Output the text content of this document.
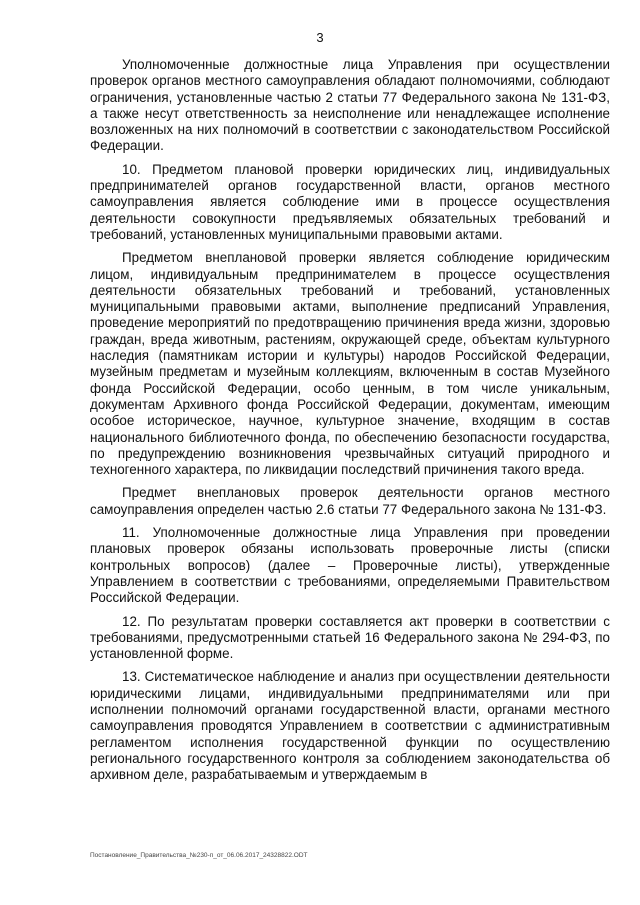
3

Уполномоченные должностные лица Управления при осуществлении проверок органов местного самоуправления обладают полномочиями, соблюдают ограничения, установленные частью 2 статьи 77 Федерального закона № 131-ФЗ, а также несут ответственность за неисполнение или ненадлежащее исполнение возложенных на них полномочий в соответствии с законодательством Российской Федерации.

10. Предметом плановой проверки юридических лиц, индивидуальных предпринимателей органов государственной власти, органов местного самоуправления является соблюдение ими в процессе осуществления деятельности совокупности предъявляемых обязательных требований и требований, установленных муниципальными правовыми актами.

Предметом внеплановой проверки является соблюдение юридическим лицом, индивидуальным предпринимателем в процессе осуществления деятельности обязательных требований и требований, установленных муниципальными правовыми актами, выполнение предписаний Управления, проведение мероприятий по предотвращению причинения вреда жизни, здоровью граждан, вреда животным, растениям, окружающей среде, объектам культурного наследия (памятникам истории и культуры) народов Российской Федерации, музейным предметам и музейным коллекциям, включенным в состав Музейного фонда Российской Федерации, особо ценным, в том числе уникальным, документам Архивного фонда Российской Федерации, документам, имеющим особое историческое, научное, культурное значение, входящим в состав национального библиотечного фонда, по обеспечению безопасности государства, по предупреждению возникновения чрезвычайных ситуаций природного и техногенного характера, по ликвидации последствий причинения такого вреда.

Предмет внеплановых проверок деятельности органов местного самоуправления определен частью 2.6 статьи 77 Федерального закона № 131-ФЗ.

11. Уполномоченные должностные лица Управления при проведении плановых проверок обязаны использовать проверочные листы (списки контрольных вопросов) (далее – Проверочные листы), утвержденные Управлением в соответствии с требованиями, определяемыми Правительством Российской Федерации.

12. По результатам проверки составляется акт проверки в соответствии с требованиями, предусмотренными статьей 16 Федерального закона № 294-ФЗ, по установленной форме.

13. Систематическое наблюдение и анализ при осуществлении деятельности юридическими лицами, индивидуальными предпринимателями или при исполнении полномочий органами государственной власти, органами местного самоуправления проводятся Управлением в соответствии с административным регламентом исполнения государственной функции по осуществлению регионального государственного контроля за соблюдением законодательства об архивном деле, разрабатываемым и утверждаемым в

Постановление_Правительства_№230-п_от_06.06.2017_24328822.ODT
